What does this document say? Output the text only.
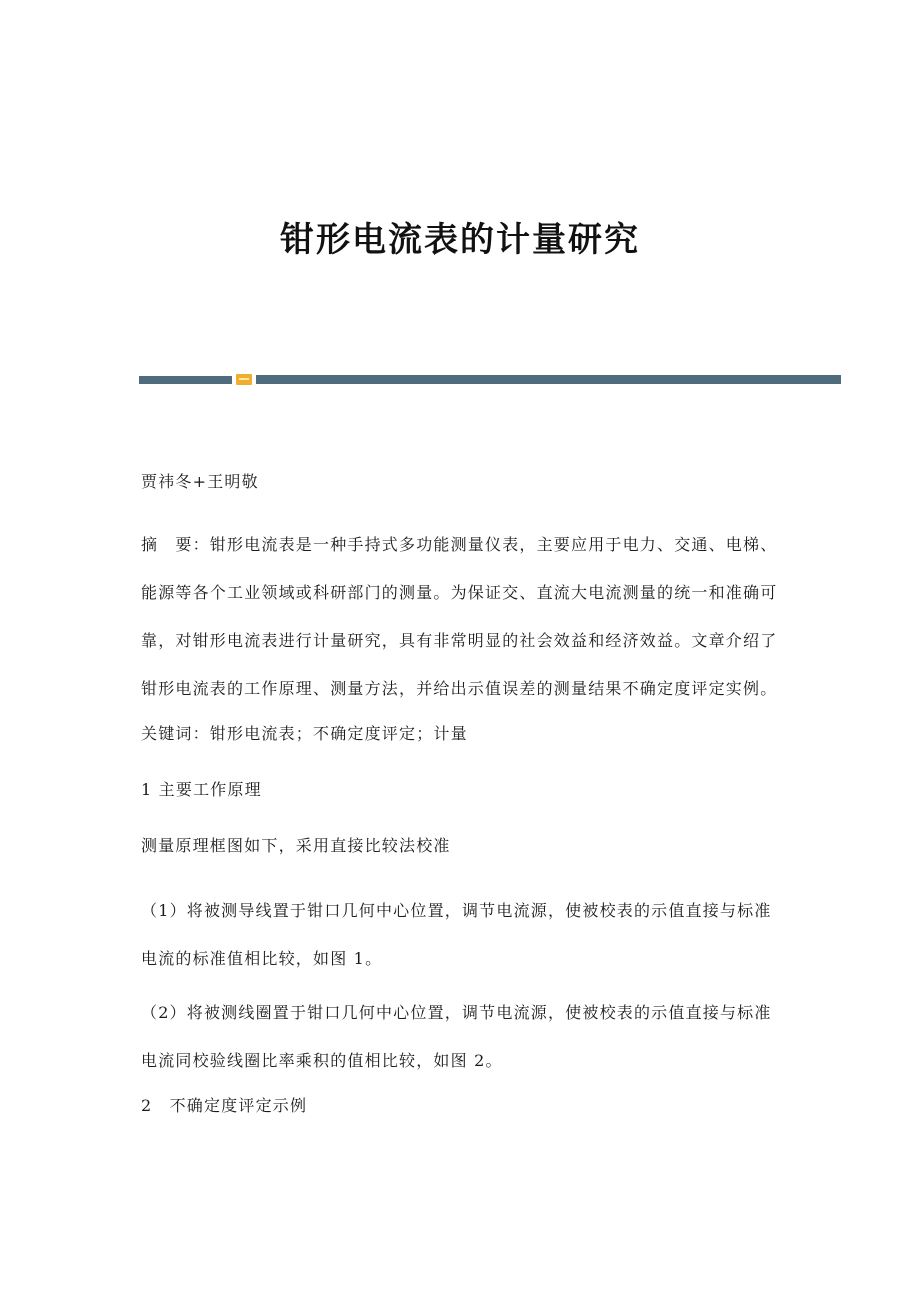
钳形电流表的计量研究

贾祎冬+王明敬

摘　要：钳形电流表是一种手持式多功能测量仪表，主要应用于电力、交通、电梯、能源等各个工业领域或科研部门的测量。为保证交、直流大电流测量的统一和准确可靠，对钳形电流表进行计量研究，具有非常明显的社会效益和经济效益。文章介绍了钳形电流表的工作原理、测量方法，并给出示值误差的测量结果不确定度评定实例。

关键词：钳形电流表；不确定度评定；计量

1 主要工作原理

测量原理框图如下，采用直接比较法校准

（1）将被测导线置于钳口几何中心位置，调节电流源，使被校表的示值直接与标准电流的标准值相比较，如图 1。

（2）将被测线圈置于钳口几何中心位置，调节电流源，使被校表的示值直接与标准电流同校验线圈比率乘积的值相比较，如图 2。

2　不确定度评定示例
